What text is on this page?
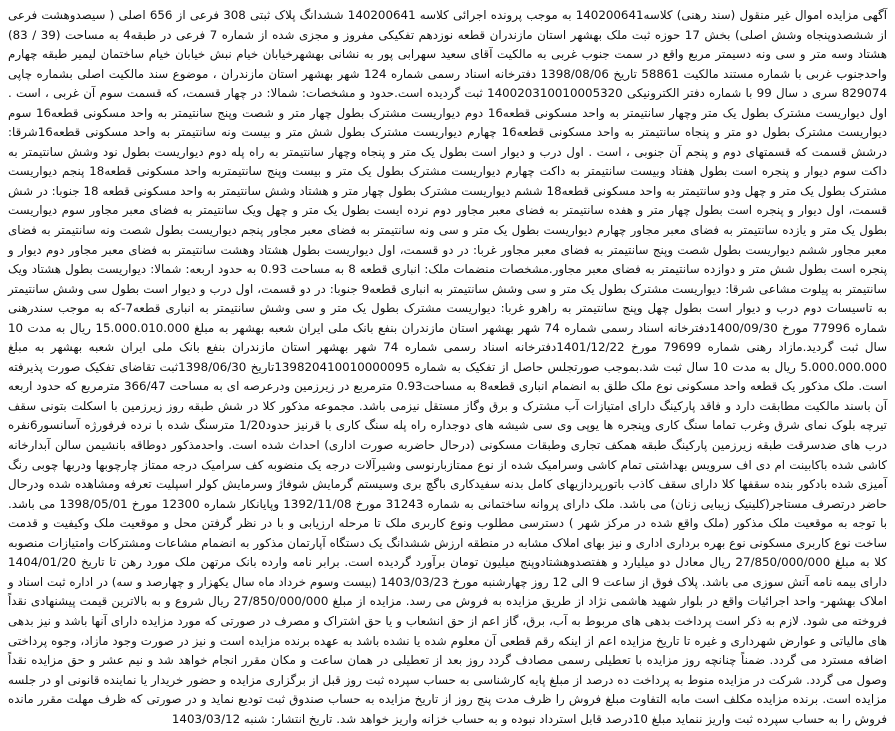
آگهی مزایده اموال غیر منقول (سند رهنی) کلاسه140200641 به موجب پرونده اجرائی کلاسه 140200641 ششدانگ پلاک ثبتی 308 فرعی از 656 اصلی ( سیصدوهشت فرعی از ششصدوپنجاه وشش اصلی) بخش 17 حوزه ثبت ملک بهشهر استان مازندران قطعه نوزدهم تفکیکی مفروز و مجزی شده از شماره 7 فرعی در طبقه4 به مساحت (39 / 83) هشتاد وسه متر و سی ونه دسیمتر مربع واقع در سمت جنوب غربی به مالکیت آقای سعید سهرابی پور به نشانی بهشهرخیابان خیام نبش خیابان خیام ساختمان لیمیر طبقه چهارم واحدجنوب غربی با شماره مستند مالکیت 58861 تاریخ 1398/08/06 دفترخانه اسناد رسمی شماره 124 شهر بهشهر استان مازندران ، موضوع سند مالکیت اصلی بشماره چاپی 829074 سری د سال 99 با شماره دفتر الکترونیکی 140020310010005320 ثبت گردیده است.حدود و مشخصات: شمالا: در چهار قسمت، که قسمت سوم آن غربی ، است . اول دیواریست مشترک بطول یک متر وچهار سانتیمتر به واحد مسکونی قطعه16 دوم دیواریست مشترک بطول چهار متر و شصت وپنج سانتیمتر به واحد مسکونی قطعه16 سوم دیواریست مشترک بطول دو متر و پنجاه سانتیمتر به واحد مسکونی قطعه16 چهارم دیواریست مشترک بطول شش متر و بیست ونه سانتیمتر به واحد مسکونی قطعه16شرقا: درشش قسمت که قسمتهای دوم و پنجم آن جنوبی ، است . اول درب و دیوار است بطول یک متر و پنجاه وچهار سانتیمتر به راه پله دوم دیواریست بطول نود وشش سانتیمتر به داکت سوم دیوار و پنجره است بطول هفتاد وبیست سانتیمتر به داکت چهارم دیواریست مشترک بطول یک متر و بیست وپنج سانتیمتربه واحد مسکونی قطعه18 پنجم دیواریست مشترک بطول یک متر و چهل ودو سانتیمتر به واحد مسکونی قطعه18 ششم دیواریست مشترک بطول چهار متر و هشتاد وشش سانتیمتر به واحد مسکونی قطعه 18 جنوبا: در شش قسمت، اول دیوار و پنجره است بطول چهار متر و هفده سانتیمتر به فضای معبر مجاور دوم نرده ایست بطول یک متر و چهل ویک سانتیمتر به فضای معبر مجاور سوم دیواریست بطول یک متر و یازده سانتیمتر به فضای معبر مجاور چهارم دیواریست بطول یک متر و سی ونه سانتیمتر به فضای معبر مجاور پنجم دیواریست بطول شصت ونه سانتیمتر به فضای معبر مجاور ششم دیواریست بطول شصت وپنج سانتیمتر به فضای معبر مجاور غربا: در دو قسمت، اول دیواریست بطول هشتاد وهشت سانتیمتر به فضای معبر مجاور دوم دیوار و پنجره است بطول شش متر و دوازده سانتیمتر به فضای معبر مجاور.مشخصات منضمات ملک: انباری قطعه 8 به مساحت 0.93 به حدود اربعه: شمالا: دیواریست بطول هشتاد ویک سانتیمتر به پیلوت مشاعی شرقا: دیواریست مشترک بطول یک متر و سی وشش سانتیمتر به انباری قطعه9 جنوبا: در دو قسمت، اول درب و دیوار است بطول سی وشش سانتیمتر به تاسیسات دوم درب و دیوار است بطول چهل وپنج سانتیمتر به راهرو غربا: دیواریست مشترک بطول یک متر و سی وشش سانتیمتر به انباری قطعه7-که به موجب سندرهنی شماره 77996 مورخ 1400/09/30دفترخانه اسناد رسمی شماره 74 شهر بهشهر استان مازندران بنفع بانک ملی ایران شعبه بهشهر به مبلغ 15.000.010.000 ریال به مدت 10 سال ثبت گردید.مازاد رهنی شماره 79699 مورخ 1401/12/22دفترخانه اسناد رسمی شماره 74 شهر بهشهر استان مازندران بنفع بانک ملی ایران شعبه بهشهر به مبلغ 5.000.000.000 ریال به مدت 10 سال ثبت شد.بموجب صورتجلس حاصل از تفکیک به شماره 139820410010000095تاریخ 1398/06/30ثبت تقاضای تفکیک صورت پذیرفته است. ملک مذکور یک قطعه واحد مسکونی نوع ملک طلق به انضمام انباری قطعه8 به مساحت0.93 مترمربع در زیرزمین ودرعرصه ای به مساحت 366/47 مترمربع که حدود اربعه آن باسند مالکیت مطابقت دارد و فاقد پارکینگ دارای امتیازات آب مشترک و برق وگاز مستقل نیزمی باشد. مجموعه مذکور کلا در شش طبقه روز زیرزمین با اسکلت بتونی سقف تیرچه بلوک نمای شرق وغرب تماما سنگ کاری وپنجره ها یوپی وی سی شیشه های دوجداره راه پله سنگ کاری با قرنیز حدود1/20 مترسنگ شده با نرده فرفورژه آسانسور6نفره درب های ضدسرقت طبقه زیرزمین پارکینگ طبقه همکف تجاری وطبقات مسکونی (درحال حاضربه صورت اداری) احداث شده است. واحدمذکور دوطاقه بانشیمن سالن آبدارخانه کاشی شده باکابینت ام دی اف سرویس بهداشتی تمام کاشی وسرامیک شده از نوع ممتازبارنوسی وشیرآلات درجه یک منضوبه کف سرامیک درجه ممتاز چارچوبها ودربها چوبی رنگ آمیزی شده بادکور بنده سقفها کلا دارای سقف کاذب باتورپردازیهای کامل بدنه سفیدکاری باگچ بری وسیستم گرمایش شوفاژ وسرمایش کولر اسپلیت تعرفه ومشاهده شده ودرحال حاضر درتصرف مستاجر(کلینیک زیبایی زنان) می باشد. ملک دارای پروانه ساختمانی به شماره 31243 مورخ 1392/11/08 وپایانکار شماره 12300 مورخ 1398/05/01 می باشد. با توجه به موقعیت ملک مذکور (ملک واقع شده در مرکز شهر ) دسترسی مطلوب ونوع کاربری ملک تا مرحله ارزیابی و با در نظر گرفتن محل و موقعیت ملک وکیفیت و قدمت ساخت نوع کاربری مسکونی نوع بهره برداری اداری و نیز بهای املاک مشابه در منطقه ارزش ششدانگ یک دستگاه آپارتمان مذکور به انضمام مشاعات ومشترکات وامتیازات منصوبه کلا به مبلغ 27/850/000/000 ریال معادل دو میلیارد و هفتصدوهشتادوپنج میلیون تومان برآورد گردیده است. برابر نامه وارده بانک مرتهن ملک مورد رهن تا تاریخ 1404/01/20 دارای بیمه نامه آتش سوزی می باشد. پلاک فوق از ساعت 9 الی 12 روز چهارشنبه مورخ 1403/03/23 (بیست وسوم خرداد ماه سال یکهزار و چهارصد و سه) در اداره ثبت اسناد و املاک بهشهر- واحد اجرائیات واقع در بلوار شهید هاشمی نژاد از طریق مزایده به فروش می رسد. مزایده از مبلغ 27/850/000/000 ریال شروع و به بالاترین قیمت پیشنهادی نقداً فروخته می شود. لازم به ذکر است پرداخت بدهی های مربوط به آب، برق، گاز اعم از حق انشعاب و یا حق اشتراک و مصرف در صورتی که مورد مزایده دارای آنها باشد و نیز بدهی های مالیاتی و عوارض شهرداری و غیره تا تاریخ مزایده اعم از اینکه رقم قطعی آن معلوم شده یا نشده باشد به عهده برنده مزایده است و نیز در صورت وجود مازاد، وجوه پرداختی اضافه مسترد می گردد. ضمناً چنانچه روز مزایده با تعطیلی رسمی مصادف گردد روز بعد از تعطیلی در همان ساعت و مکان مقرر انجام خواهد شد و نیم عشر و حق مزایده نقداً وصول می گردد. شرکت در مزایده منوط به پرداخت ده درصد از مبلغ پایه کارشناسی به حساب سپرده ثبت روز قبل از برگزاری مزایده و حضور خریدار یا نماینده قانونی او در جلسه مزایده است. برنده مزایده مکلف است مابه التفاوت مبلغ فروش را ظرف مدت پنج روز از تاریخ مزایده به حساب صندوق ثبت تودیع نماید و در صورتی که ظرف مهلت مقرر مانده فروش را به حساب سپرده ثبت واریز ننماید مبلغ 10درصد قابل استرداد نبوده و به حساب خزانه واریز خواهد شد. تاریخ انتشار: شنبه 1403/03/12
